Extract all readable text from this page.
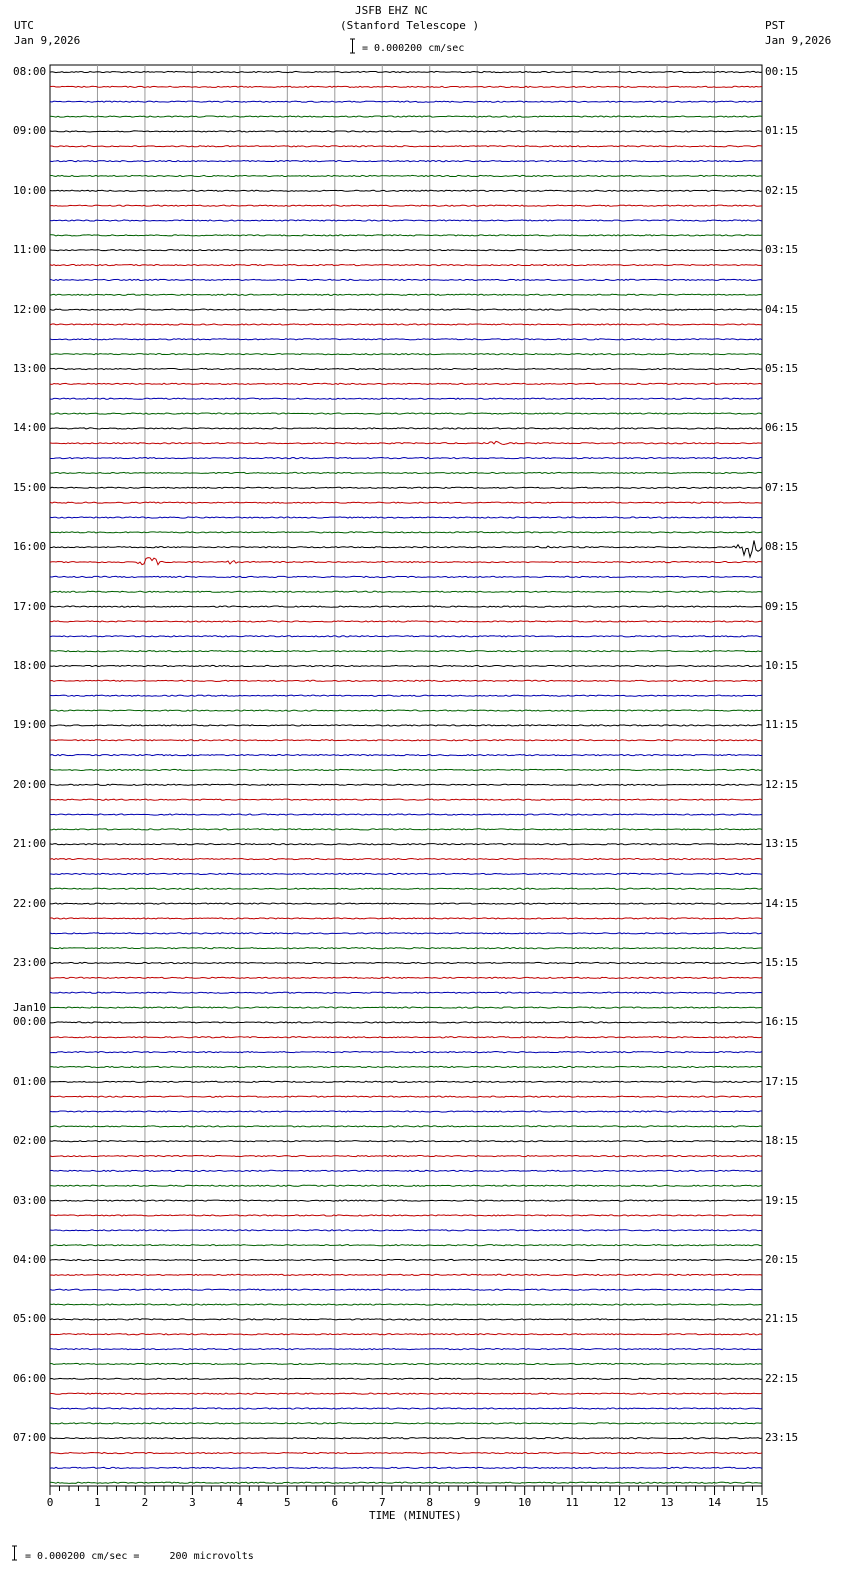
0	1	2	3	4	5	6	7	8	9	10	11	12	13	14	15
JSFB EHZ NC
(Stanford Telescope )
UTC
Jan 9,2026
PST
Jan 9,2026
= 0.000200 cm/sec
= 0.000200 cm/sec =     200 microvolts
TIME (MINUTES)
08:00
09:00
10:00
11:00
12:00
13:00
14:00
15:00
16:00
17:00
18:00
19:00
20:00
21:00
22:00
23:00
00:00
Jan10
01:00
02:00
03:00
04:00
05:00
06:00
07:00
00:15
01:15
02:15
03:15
04:15
05:15
06:15
07:15
08:15
09:15
10:15
11:15
12:15
13:15
14:15
15:15
16:15
17:15
18:15
19:15
20:15
21:15
22:15
23:15
